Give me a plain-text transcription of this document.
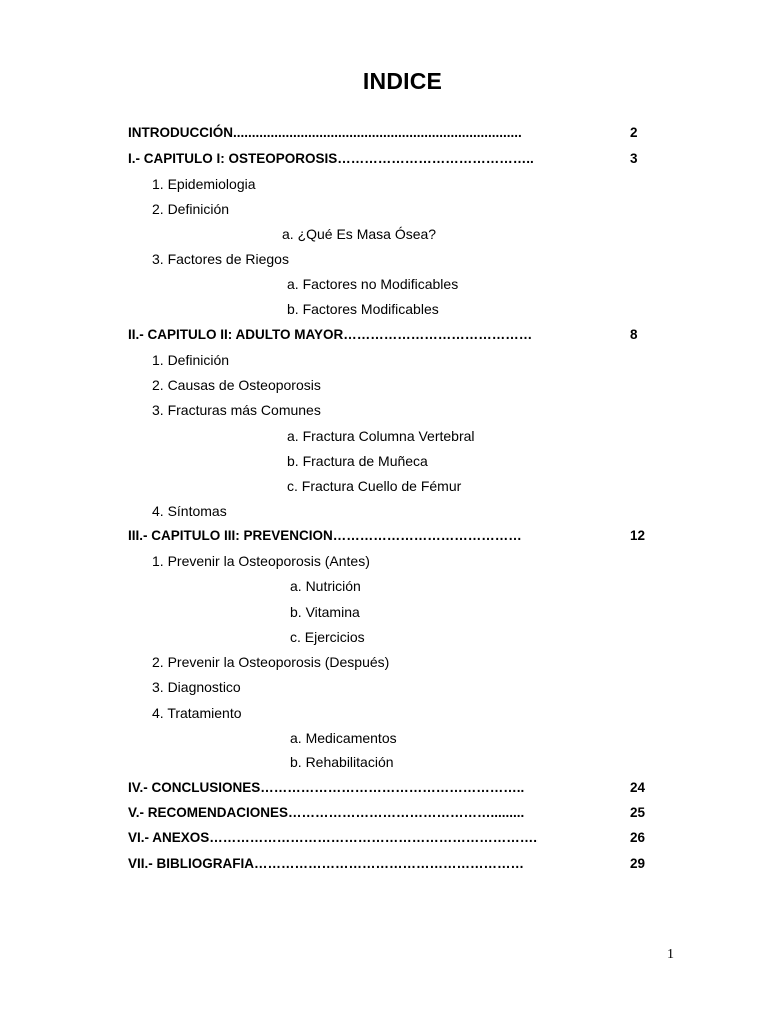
INDICE
INTRODUCCIÓN.............................................................................	2
I.- CAPITULO I: OSTEOPOROSIS……………………………………..	3
1. Epidemiologia
2. Definición
a. ¿Qué Es Masa Ósea?
3. Factores de Riegos
a. Factores no Modificables
b. Factores Modificables
II.- CAPITULO II: ADULTO MAYOR……………………………………	8
1. Definición
2. Causas de Osteoporosis
3. Fracturas más Comunes
a. Fractura Columna Vertebral
b. Fractura de Muñeca
c. Fractura Cuello de Fémur
4. Síntomas
III.- CAPITULO III: PREVENCION……………………………………	12
1. Prevenir la Osteoporosis (Antes)
a. Nutrición
b. Vitamina
c. Ejercicios
2. Prevenir la Osteoporosis (Después)
3. Diagnostico
4. Tratamiento
a. Medicamentos
b. Rehabilitación
IV.- CONCLUSIONES…………………………………………………..	24
V.- RECOMENDACIONES……………………………………….........	25
VI.- ANEXOS……………………………………………………………….	26
VII.- BIBLIOGRAFIA……………………………………………………	29
1
